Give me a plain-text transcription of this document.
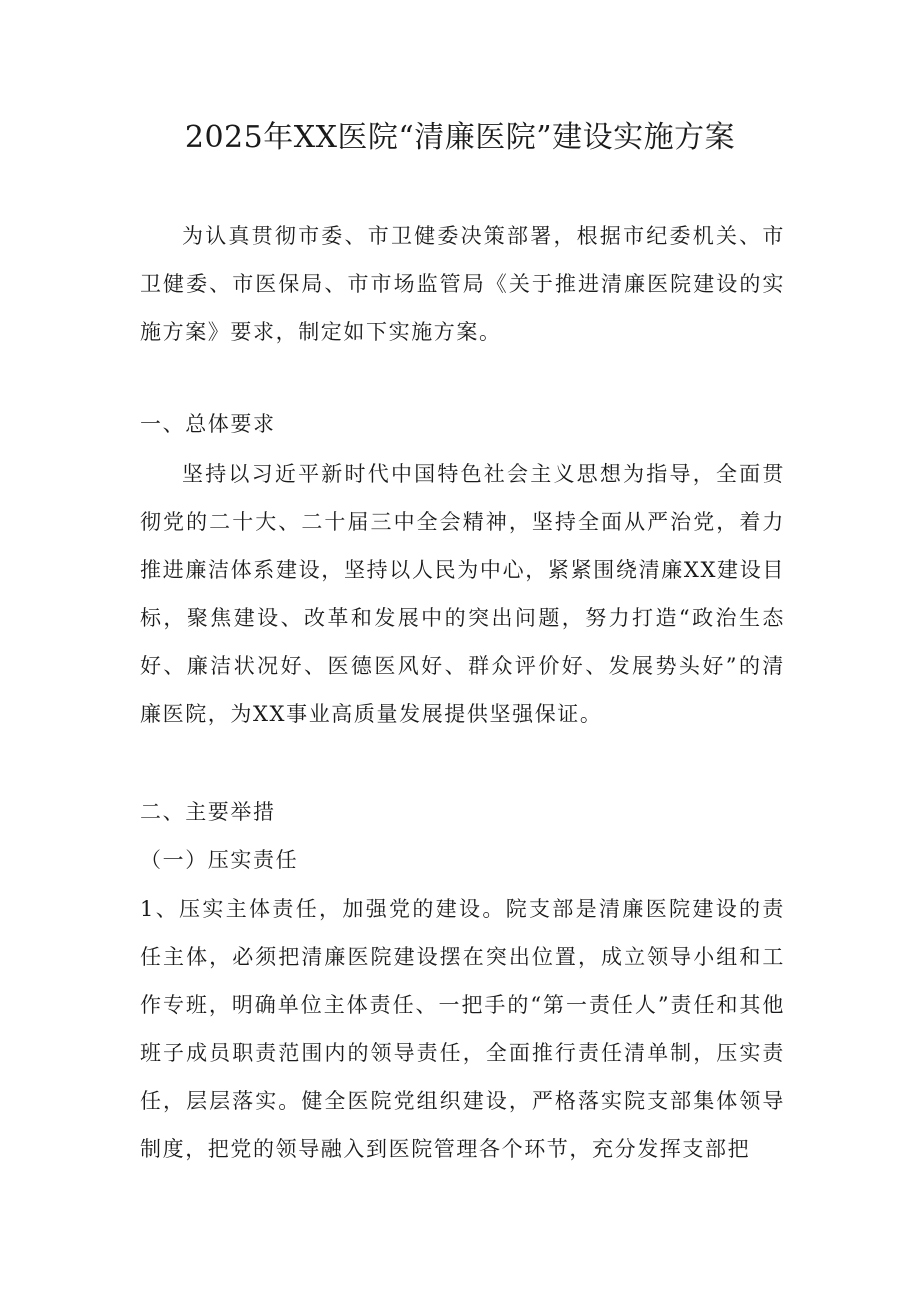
2025年XX医院“清廉医院”建设实施方案

为认真贯彻市委、市卫健委决策部署，根据市纪委机关、市卫健委、市医保局、市市场监管局《关于推进清廉医院建设的实施方案》要求，制定如下实施方案。

一、总体要求

坚持以习近平新时代中国特色社会主义思想为指导，全面贯彻党的二十大、二十届三中全会精神，坚持全面从严治党，着力推进廉洁体系建设，坚持以人民为中心，紧紧围绕清廉XX建设目标，聚焦建设、改革和发展中的突出问题，努力打造“政治生态好、廉洁状况好、医德医风好、群众评价好、发展势头好”的清廉医院，为XX事业高质量发展提供坚强保证。

二、主要举措
（一）压实责任

1、压实主体责任，加强党的建设。院支部是清廉医院建设的责任主体，必须把清廉医院建设摆在突出位置，成立领导小组和工作专班，明确单位主体责任、一把手的“第一责任人”责任和其他班子成员职责范围内的领导责任，全面推行责任清单制，压实责任，层层落实。健全医院党组织建设，严格落实院支部集体领导制度，把党的领导融入到医院管理各个环节，充分发挥支部把
